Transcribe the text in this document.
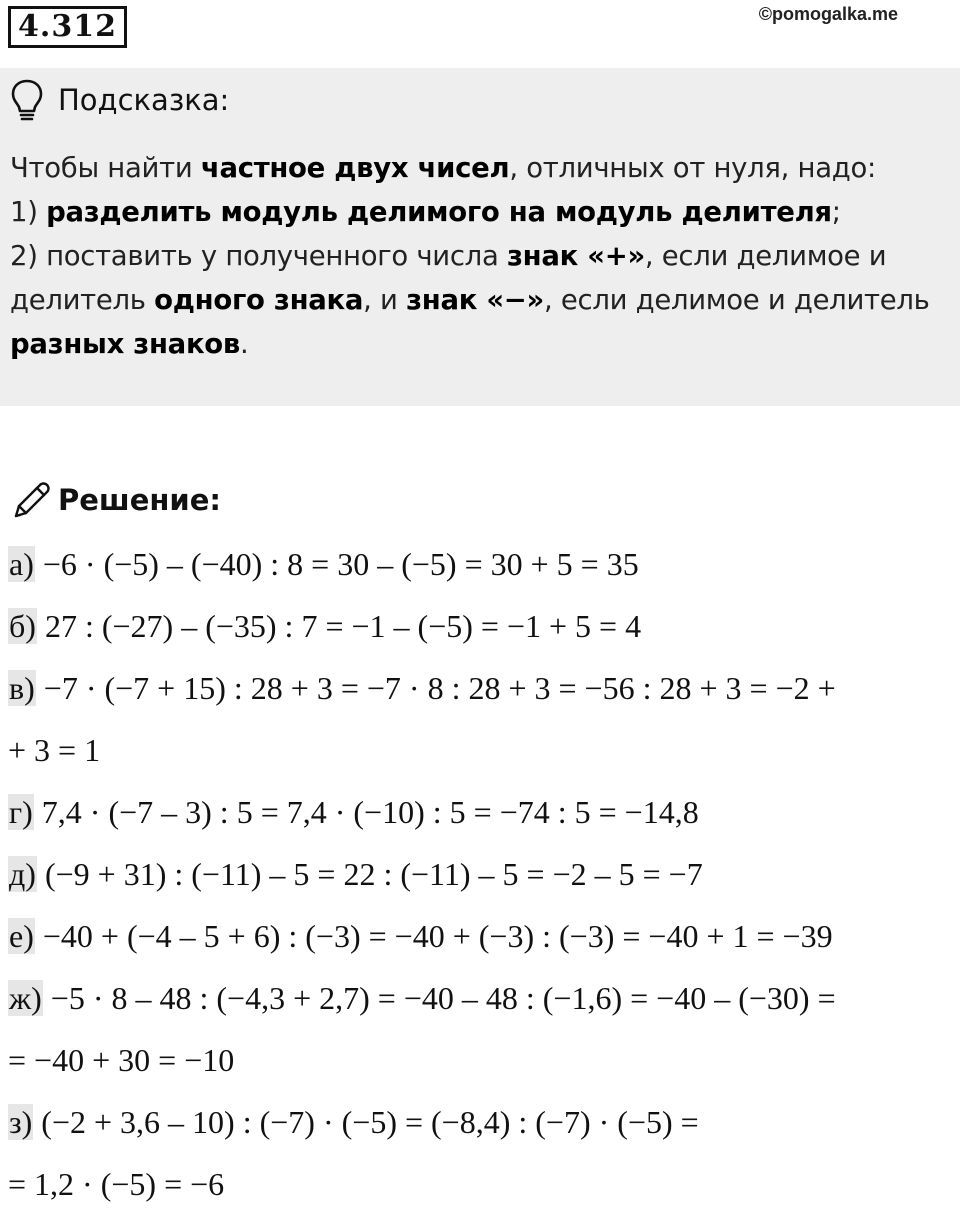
4.312	©pomogalka.me
Подсказка:

Чтобы найти частное двух чисел, отличных от нуля, надо:

1) разделить модуль делимого на модуль делителя;

2) поставить у полученного числа знак «+», если делимое и

делитель одного знака, и знак «−», если делимое и делитель

разных знаков.

Решение:
а) −6 · (−5) – (−40) : 8 = 30 – (−5) = 30 + 5 = 35
б) 27 : (−27) – (−35) : 7 = −1 – (−5) = −1 + 5 = 4
в) −7 · (−7 + 15) : 28 + 3 = −7 · 8 : 28 + 3 = −56 : 28 + 3 = −2 +
+ 3 = 1
г) 7,4 · (−7 – 3) : 5 = 7,4 · (−10) : 5 = −74 : 5 = −14,8
д) (−9 + 31) : (−11) – 5 = 22 : (−11) – 5 = −2 – 5 = −7
е) −40 + (−4 – 5 + 6) : (−3) = −40 + (−3) : (−3) = −40 + 1 = −39
ж) −5 · 8 – 48 : (−4,3 + 2,7) = −40 – 48 : (−1,6) = −40 – (−30) =
= −40 + 30 = −10
з) (−2 + 3,6 – 10) : (−7) · (−5) = (−8,4) : (−7) · (−5) =
= 1,2 · (−5) = −6
